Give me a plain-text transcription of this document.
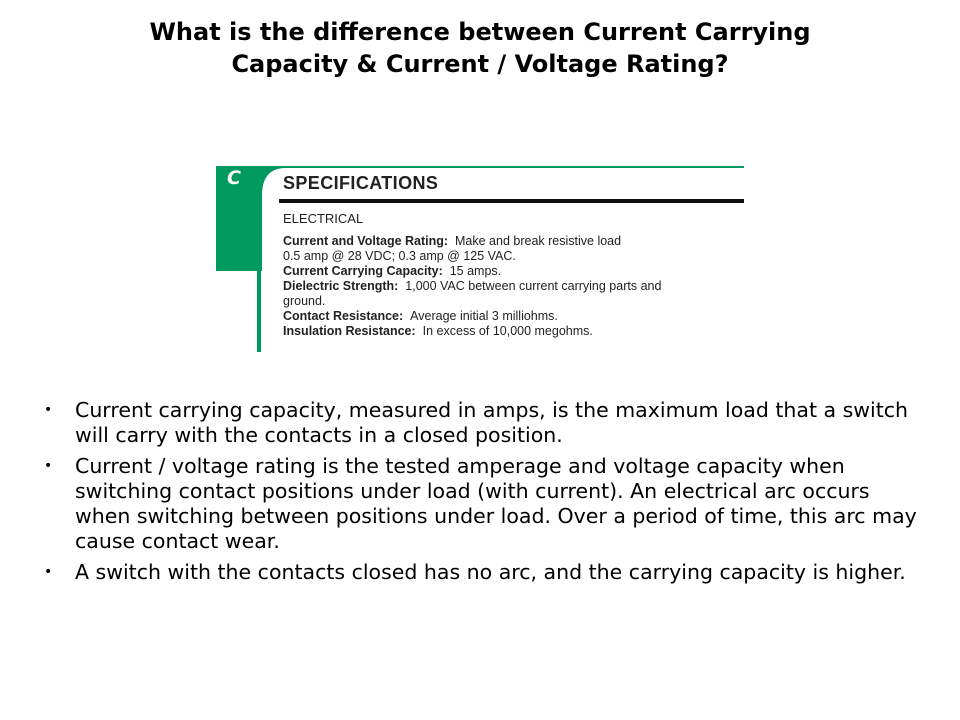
What is the difference between Current Carrying
Capacity & Current / Voltage Rating?
C SPECIFICATIONS
ELECTRICAL
Current and Voltage Rating: Make and break resistive load
0.5 amp @ 28 VDC; 0.3 amp @ 125 VAC.
Current Carrying Capacity: 15 amps.
Dielectric Strength: 1,000 VAC between current carrying parts and
ground.
Contact Resistance: Average initial 3 milliohms.
Insulation Resistance: In excess of 10,000 megohms.
• Current carrying capacity, measured in amps, is the maximum load that a switch will carry with the contacts in a closed position.
• Current / voltage rating is the tested amperage and voltage capacity when switching contact positions under load (with current). An electrical arc occurs when switching between positions under load. Over a period of time, this arc may cause contact wear.
• A switch with the contacts closed has no arc, and the carrying capacity is higher.
